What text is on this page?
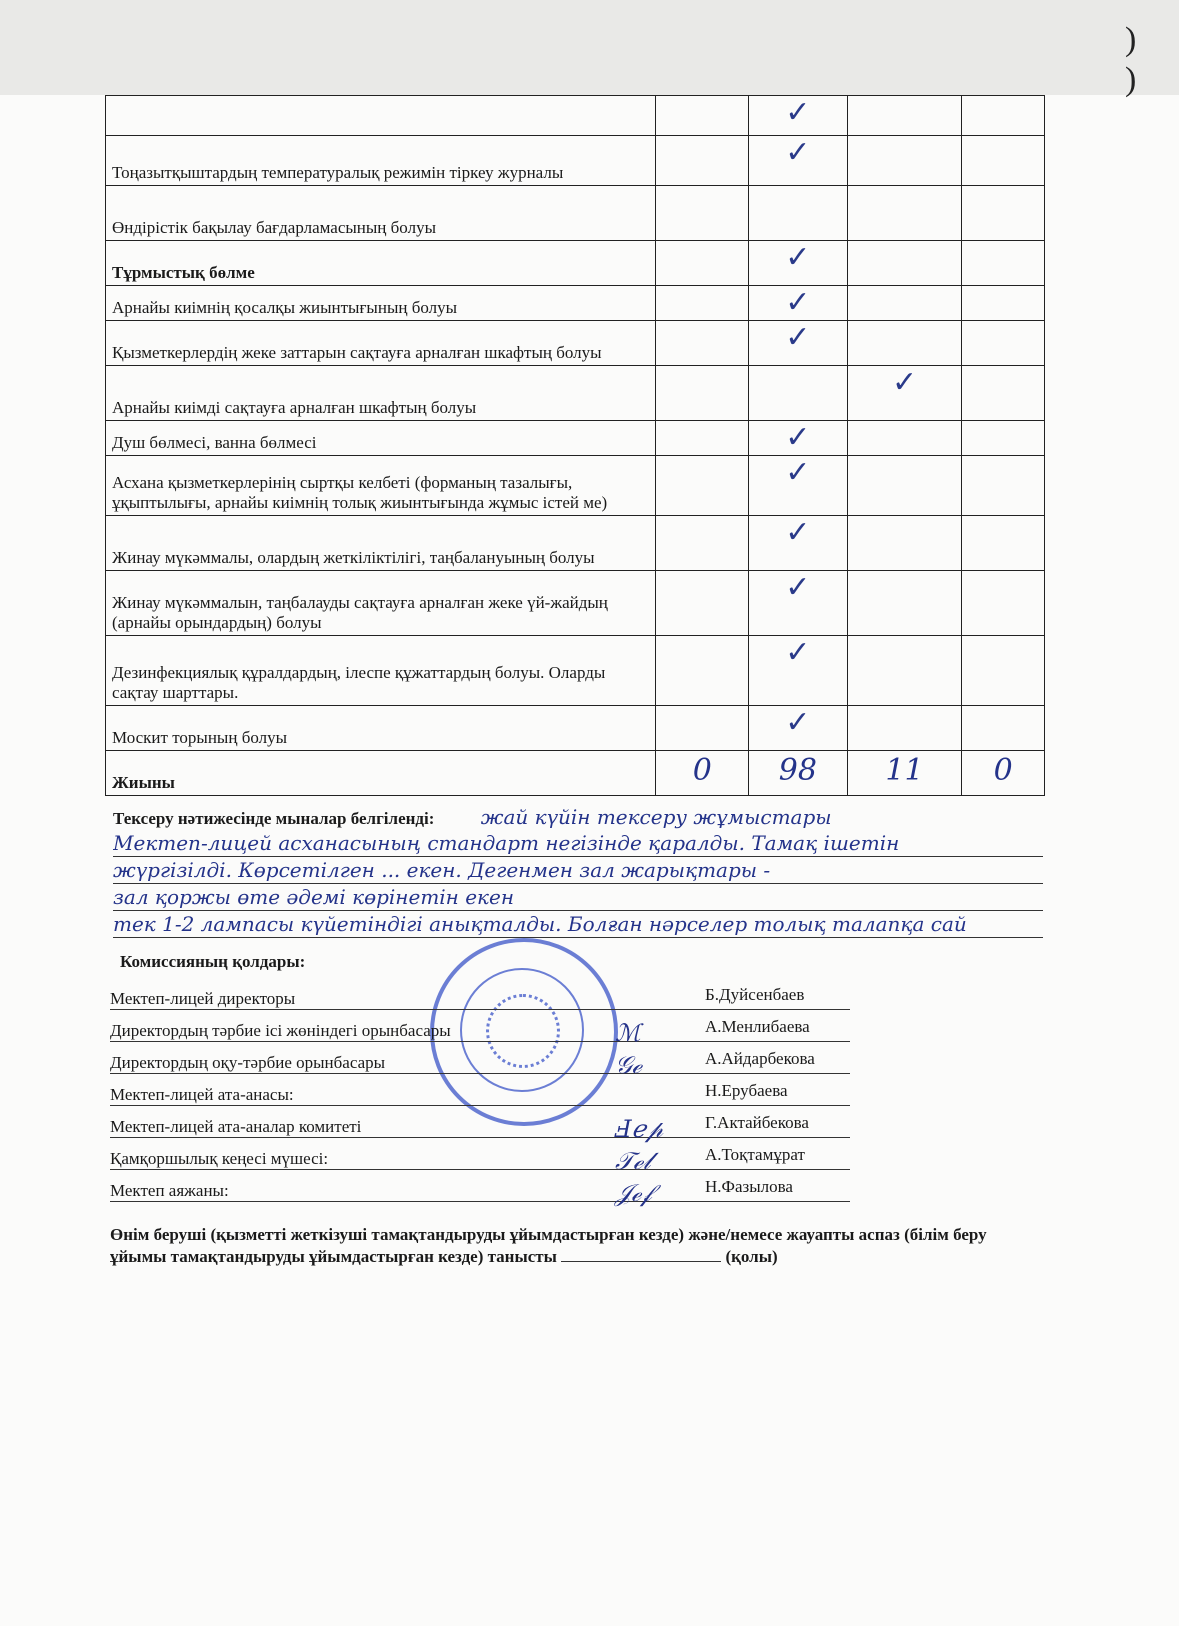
)
)
		✓		
Тоңазытқыштардың температуралық режимін тіркеу журналы		✓		
Өндірістік бақылау бағдарламасының болуы				
Тұрмыстық бөлме		✓		
Арнайы киімнің қосалқы жиынтығының болуы		✓		
Қызметкерлердің жеке заттарын сақтауға арналған шкафтың болуы		✓		
Арнайы киімді сақтауға арналған шкафтың болуы			✓	
Душ бөлмесі, ванна бөлмесі		✓		
Асхана қызметкерлерінің сыртқы келбеті (форманың тазалығы, ұқыптылығы, арнайы киімнің толық жиынтығында жұмыс істей ме)		✓		
Жинау мүкәммалы, олардың жеткіліктілігі, таңбалануының болуы		✓		
Жинау мүкәммалын, таңбалауды сақтауға арналған жеке үй-жайдың (арнайы орындардың) болуы		✓		
Дезинфекциялық құралдардың, ілеспе құжаттардың болуы. Оларды сақтау шарттары.		✓		
Москит торының болуы		✓		
Жиыны	0	98	11	0
Тексеру нәтижесінде мыналар белгіленді: жай күйін тексеру жұмыстары
Мектеп-лицей асханасының стандарт негізінде қаралды. Тамақ ішетін
жүргізілді. Көрсетілген ... екен. Дегенмен зал жарықтары -
зал қоржы өте әдемі көрінетін екен
тек 1-2 лампасы күйетіндігі анықталды. Болған нәрселер толық талапқа сай
Комиссияның қолдары:
Мектеп-лицей директоры	Б.Дуйсенбаев
Директордың тәрбие ісі жөніндегі орынбасары	ℳ	А.Менлибаева
Директордың оқу-тәрбие орынбасары	𝒢ℯ	А.Айдарбекова
Мектеп-лицей ата-анасы:	Н.Ерубаева
Мектеп-лицей ата-аналар комитеті	Ⅎℯ𝓅 Г.Актайбекова
Қамқоршылық кеңесі мүшесі:	𝒯ℯ𝓁	А.Тоқтамұрат
Мектеп аяжаны:	𝒥ℯ𝒻	Н.Фазылова
Өнім беруші (қызметті жеткізуші тамақтандыруды ұйымдастырған кезде) және/немесе жауапты аспаз (білім беру ұйымы тамақтандыруды ұйымдастырған кезде) танысты	(қолы)
